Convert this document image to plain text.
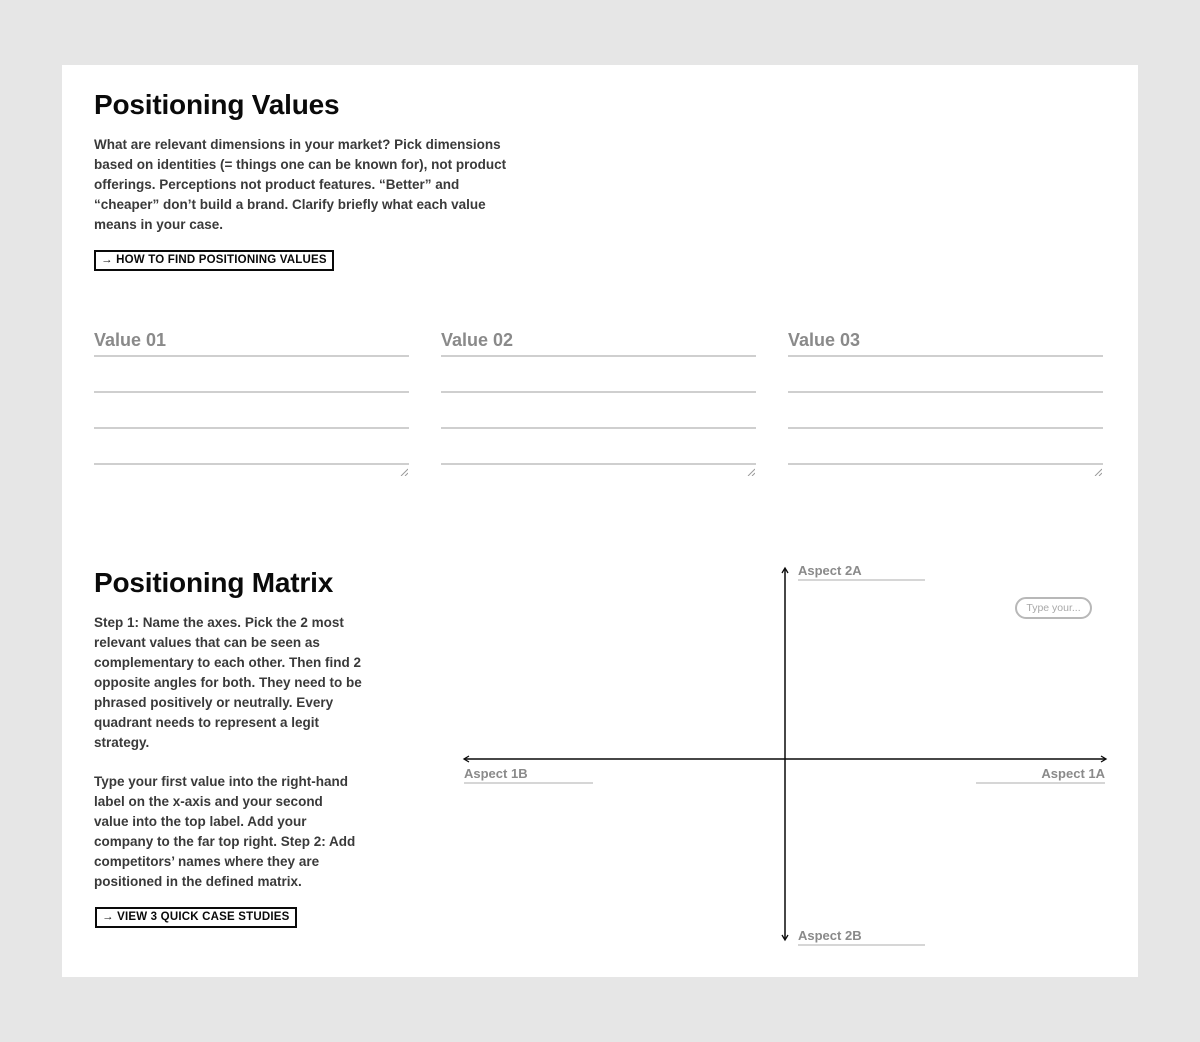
Positioning Values
What are relevant dimensions in your market? Pick dimensions
based on identities (= things one can be known for), not product
offerings. Perceptions not product features. “Better” and
“cheaper” don’t build a brand. Clarify briefly what each value
means in your case.
→ HOW TO FIND POSITIONING VALUES
Value 01	Value 02	Value 03
Positioning Matrix
Step 1: Name the axes. Pick the 2 most
relevant values that can be seen as
complementary to each other. Then find 2
opposite angles for both. They need to be
phrased positively or neutrally. Every
quadrant needs to represent a legit
strategy.
Type your first value into the right-hand
label on the x-axis and your second
value into the top label. Add your
company to the far top right. Step 2: Add
competitors’ names where they are
positioned in the defined matrix.
→ VIEW 3 QUICK CASE STUDIES
Aspect 2A
Aspect 2B
Aspect 1B	Aspect 1A
Type your...
